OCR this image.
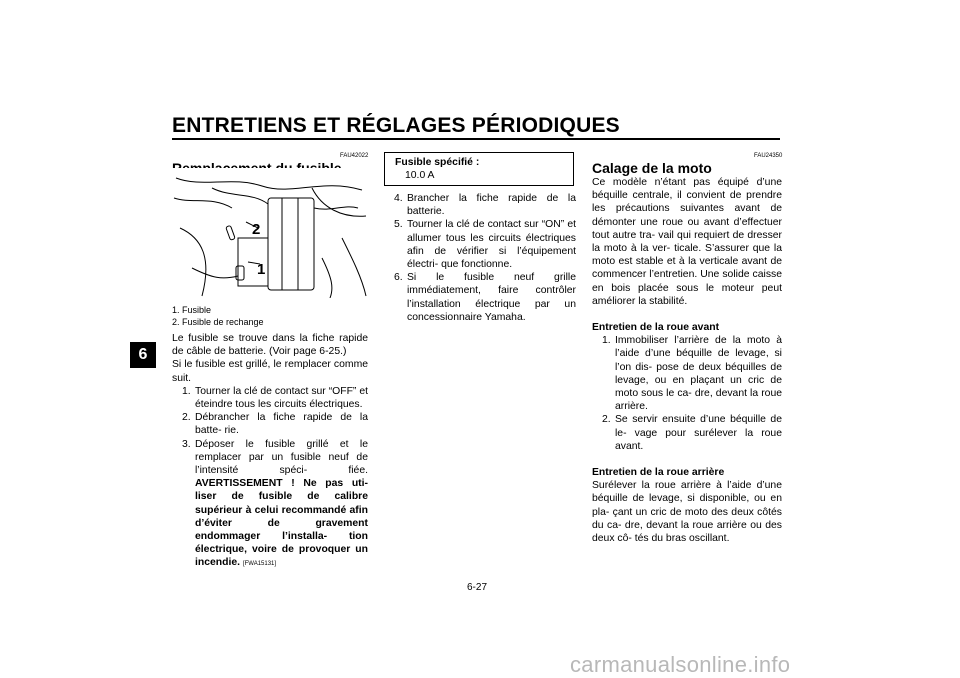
ENTRETIENS ET RÉGLAGES PÉRIODIQUES
6
FAU42022
2
1
1. Fusible
2. Fusible de rechange
Le fusible se trouve dans la fiche rapide de câble de batterie. (Voir page 6-25.)
Si le fusible est grillé, le remplacer comme suit.
1. Tourner la clé de contact sur “OFF” et éteindre tous les circuits électriques.
2. Débrancher la fiche rapide de la batte- rie.
3. Déposer le fusible grillé et le remplacer par un fusible neuf de l’intensité spéci- fiée. AVERTISSEMENT ! Ne pas uti- liser de fusible de calibre supérieur à celui recommandé afin d’éviter de gravement endommager l’installa- tion électrique, voire de provoquer un incendie. [FWA15131]
Fusible spécifié :
10.0 A
4. Brancher la fiche rapide de la batterie.
5. Tourner la clé de contact sur “ON” et allumer tous les circuits électriques afin de vérifier si l’équipement électri- que fonctionne.
6. Si le fusible neuf grille immédiatement, faire contrôler l’installation électrique par un concessionnaire Yamaha.
FAU24350
Calage de la moto
Ce modèle n’étant pas équipé d’une béquille centrale, il convient de prendre les précautions suivantes avant de démonter une roue ou avant d’effectuer tout autre tra- vail qui requiert de dresser la moto à la ver- ticale. S’assurer que la moto est stable et à la verticale avant de commencer l’entretien. Une solide caisse en bois placée sous le moteur peut améliorer la stabilité.
Entretien de la roue avant
1. Immobiliser l’arrière de la moto à l’aide d’une béquille de levage, si l’on dis- pose de deux béquilles de levage, ou en plaçant un cric de moto sous le ca- dre, devant la roue arrière.
2. Se servir ensuite d’une béquille de le- vage pour surélever la roue avant.
Entretien de la roue arrière
Surélever la roue arrière à l’aide d’une béquille de levage, si disponible, ou en pla- çant un cric de moto des deux côtés du ca- dre, devant la roue arrière ou des deux cô- tés du bras oscillant.
6-27
carmanualsonline.info
